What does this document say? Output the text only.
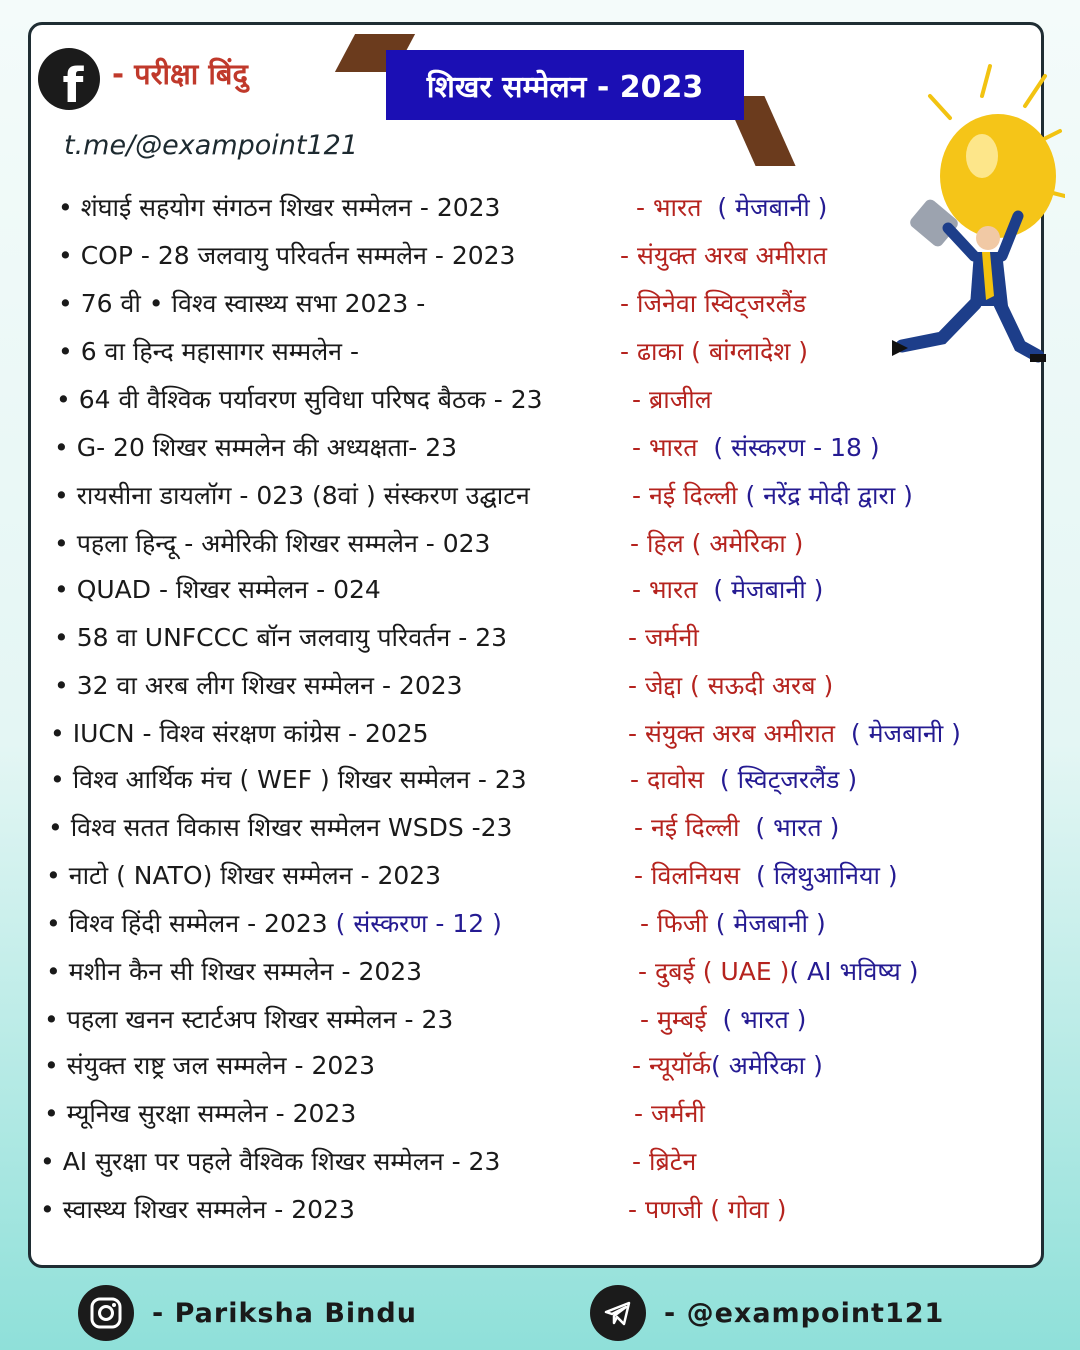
f - परीक्षा बिंदु
t.me/@exampoint121
शिखर सम्मेलन - 2023
• शंघाई सहयोग संगठन शिखर सम्मेलन - 2023	- भारत ( मेजबानी )
• COP - 28 जलवायु परिवर्तन सम्मलेन - 2023	- संयुक्त अरब अमीरात
• 76 वी • विश्व स्वास्थ्य सभा 2023 -	- जिनेवा स्विट्जरलैंड
• 6 वा हिन्द महासागर सम्मलेन -	- ढाका ( बांग्लादेश )
• 64 वी वैश्विक पर्यावरण सुविधा परिषद बैठक - 23	- ब्राजील
• G- 20 शिखर सम्मलेन की अध्यक्षता- 23	- भारत ( संस्करण - 18 )
• रायसीना डायलॉग - 023 (8वां ) संस्करण उद्घाटन	- नई दिल्ली ( नरेंद्र मोदी द्वारा )
• पहला हिन्दू - अमेरिकी शिखर सम्मलेन - 023	- हिल ( अमेरिका )
• QUAD - शिखर सम्मेलन - 024	- भारत ( मेजबानी )
• 58 वा UNFCCC बॉन जलवायु परिवर्तन - 23	- जर्मनी
• 32 वा अरब लीग शिखर सम्मेलन - 2023	- जेद्दा ( सऊदी अरब )
• IUCN - विश्व संरक्षण कांग्रेस - 2025	- संयुक्त अरब अमीरात ( मेजबानी )
• विश्व आर्थिक मंच ( WEF ) शिखर सम्मेलन - 23	- दावोस ( स्विट्जरलैंड )
• विश्व सतत विकास शिखर सम्मेलन WSDS -23	- नई दिल्ली ( भारत )
• नाटो ( NATO) शिखर सम्मेलन - 2023	- विलनियस ( लिथुआनिया )
• विश्व हिंदी सम्मेलन - 2023 ( संस्करण - 12 )	- फिजी ( मेजबानी )
• मशीन कैन सी शिखर सम्मलेन - 2023	- दुबई ( UAE )( AI भविष्य )
• पहला खनन स्टार्टअप शिखर सम्मेलन - 23	- मुम्बई ( भारत )
• संयुक्त राष्ट्र जल सम्मलेन - 2023	- न्यूयॉर्क( अमेरिका )
• म्यूनिख सुरक्षा सम्मलेन - 2023	- जर्मनी
• AI सुरक्षा पर पहले वैश्विक शिखर सम्मेलन - 23	- ब्रिटेन
• स्वास्थ्य शिखर सम्मलेन - 2023	- पणजी ( गोवा )
- Pariksha Bindu	- @exampoint121
